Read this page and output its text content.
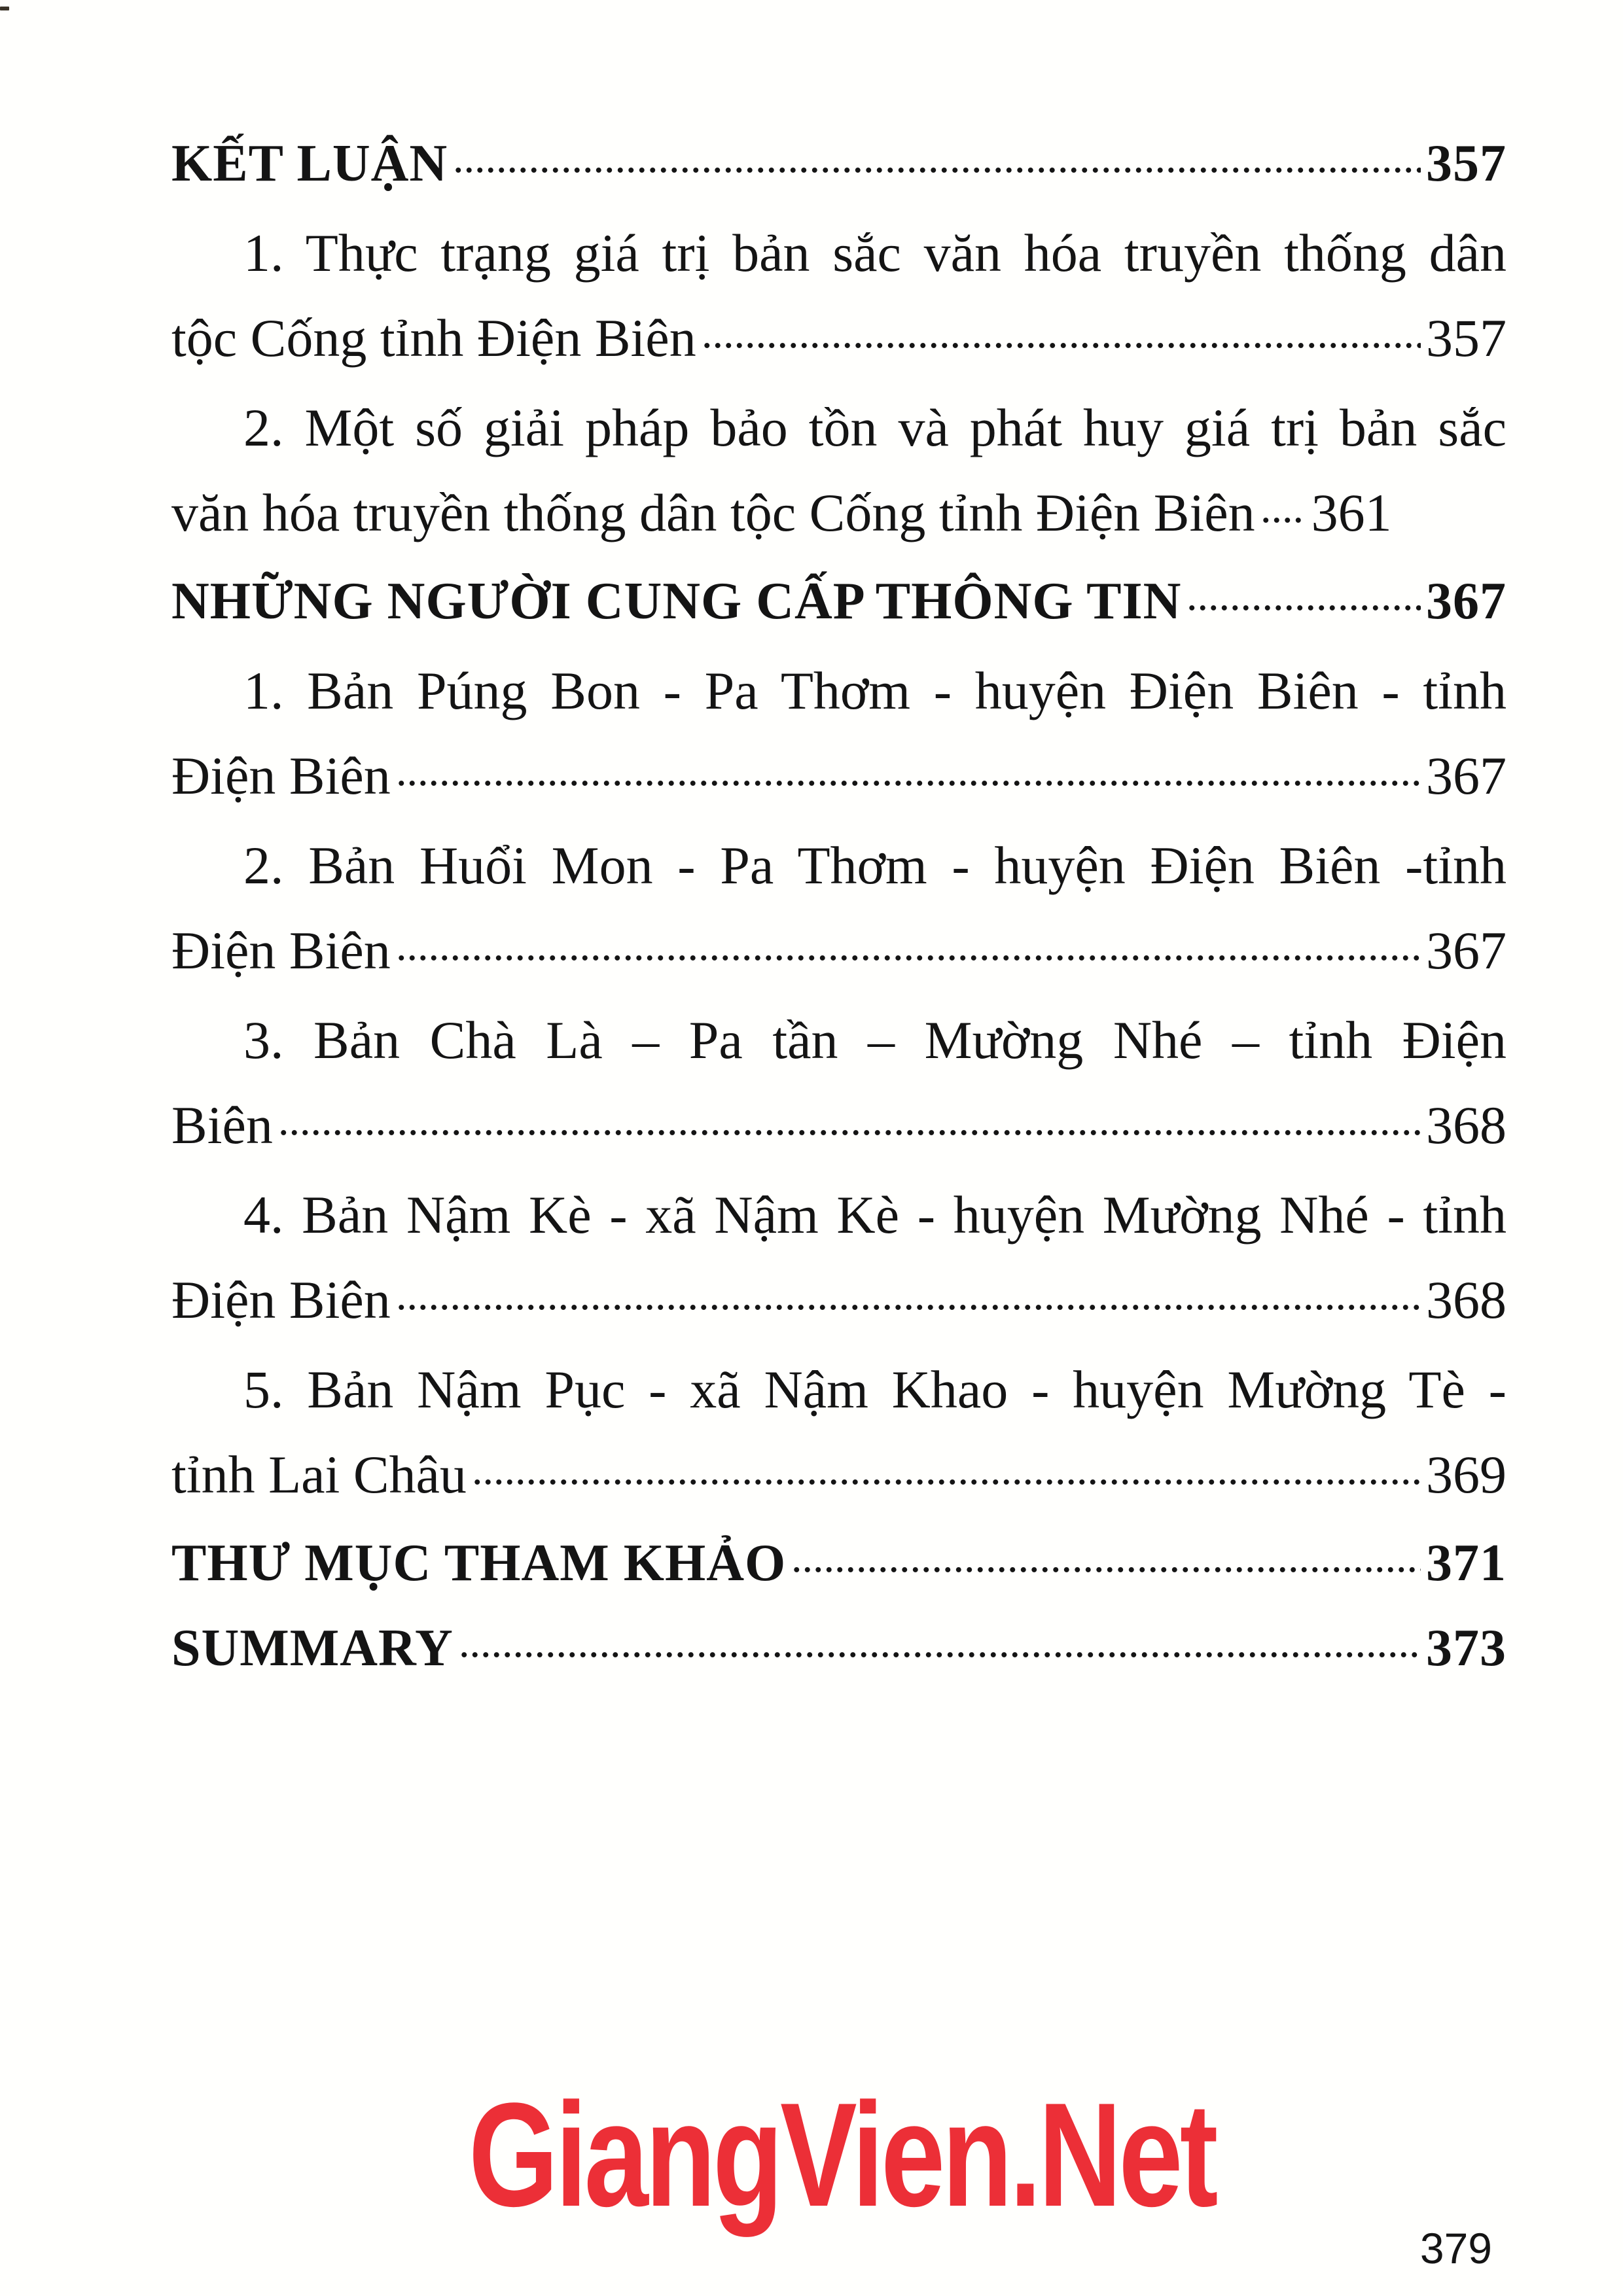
KẾT LUẬN	357
1. Thực trạng giá trị bản sắc văn hóa truyền thống dân
tộc Cống tỉnh Điện Biên	357
2. Một số giải pháp bảo tồn và phát huy giá trị bản sắc
văn hóa truyền thống dân tộc Cống tỉnh Điện Biên 361
NHỮNG NGƯỜI CUNG CẤP THÔNG TIN	367
1. Bản Púng Bon - Pa Thơm - huyện Điện Biên - tỉnh
Điện Biên	367
2. Bản Huổi Mon - Pa Thơm - huyện Điện Biên -tỉnh
Điện Biên	367
3. Bản Chà Là – Pa tần – Mường Nhé – tỉnh Điện
Biên	368
4. Bản Nậm Kè - xã Nậm Kè - huyện Mường Nhé - tỉnh
Điện Biên	368
5. Bản Nậm Pục - xã Nậm Khao - huyện Mường Tè -
tỉnh Lai Châu	369
THƯ MỤC THAM KHẢO	371
SUMMARY	373
GiangVien.Net
379
